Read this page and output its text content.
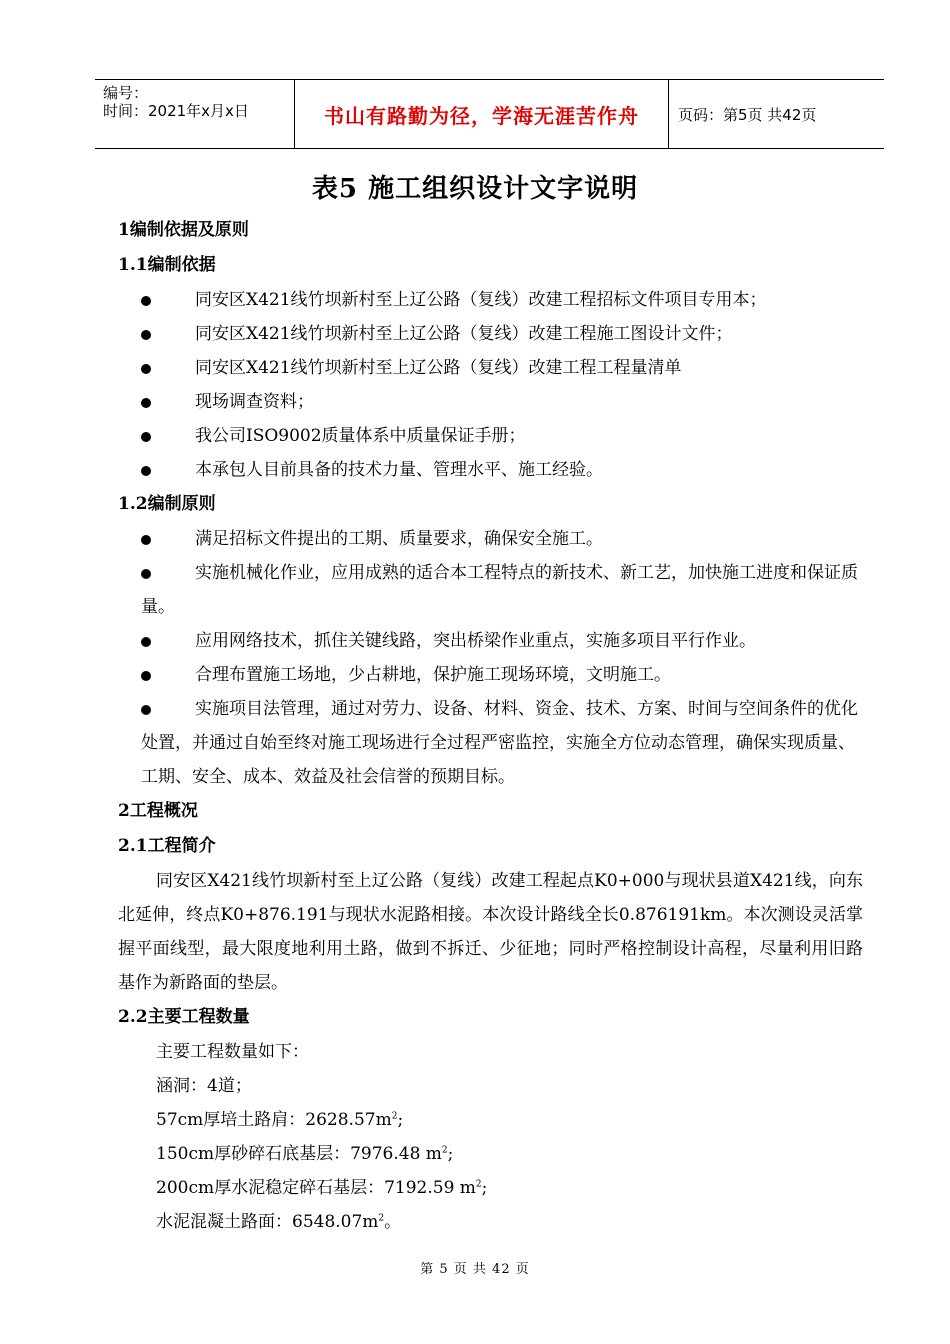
编号：
时间：2021年x月x日	书山有路勤为径，学海无涯苦作舟	页码：第5页 共42页
表5 施工组织设计文字说明

1编制依据及原则

1.1编制依据

同安区X421线竹坝新村至上辽公路（复线）改建工程招标文件项目专用本；
同安区X421线竹坝新村至上辽公路（复线）改建工程施工图设计文件；
同安区X421线竹坝新村至上辽公路（复线）改建工程工程量清单
现场调查资料；
我公司ISO9002质量体系中质量保证手册；
本承包人目前具备的技术力量、管理水平、施工经验。

1.2编制原则

满足招标文件提出的工期、质量要求，确保安全施工。
实施机械化作业，应用成熟的适合本工程特点的新技术、新工艺，加快施工进度和保证质量。
应用网络技术，抓住关键线路，突出桥梁作业重点，实施多项目平行作业。
合理布置施工场地，少占耕地，保护施工现场环境，文明施工。
实施项目法管理，通过对劳力、设备、材料、资金、技术、方案、时间与空间条件的优化处置，并通过自始至终对施工现场进行全过程严密监控，实施全方位动态管理，确保实现质量、工期、安全、成本、效益及社会信誉的预期目标。

2工程概况

2.1工程简介

同安区X421线竹坝新村至上辽公路（复线）改建工程起点K0+000与现状县道X421线，向东北延伸，终点K0+876.191与现状水泥路相接。本次设计路线全长0.876191km。本次测设灵活掌握平面线型，最大限度地利用土路，做到不拆迁、少征地；同时严格控制设计高程，尽量利用旧路基作为新路面的垫层。

2.2主要工程数量

主要工程数量如下：

涵洞：4道；

57cm厚培土路肩：$2628.57m^2$;

150cm厚砂碎石底基层：7976.48 $m^2$;

200cm厚水泥稳定碎石基层：7192.59 $m^2$;

水泥混凝土路面：$6548.07m^2$。

第 5 页 共 42 页
